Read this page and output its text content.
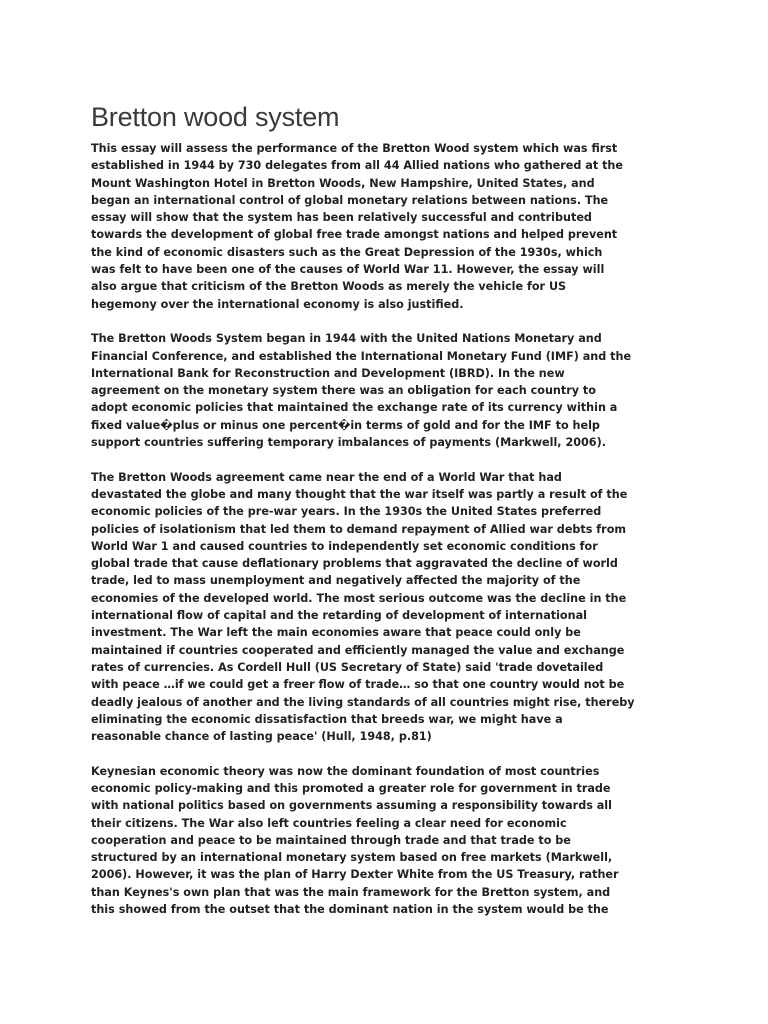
Bretton wood system

This essay will assess the performance of the Bretton Wood system which was first
established in 1944 by 730 delegates from all 44 Allied nations who gathered at the
Mount Washington Hotel in Bretton Woods, New Hampshire, United States, and
began an international control of global monetary relations between nations. The
essay will show that the system has been relatively successful and contributed
towards the development of global free trade amongst nations and helped prevent
the kind of economic disasters such as the Great Depression of the 1930s, which
was felt to have been one of the causes of World War 11. However, the essay will
also argue that criticism of the Bretton Woods as merely the vehicle for US
hegemony over the international economy is also justified.

The Bretton Woods System began in 1944 with the United Nations Monetary and
Financial Conference, and established the International Monetary Fund (IMF) and the
International Bank for Reconstruction and Development (IBRD). In the new
agreement on the monetary system there was an obligation for each country to
adopt economic policies that maintained the exchange rate of its currency within a
fixed value�plus or minus one percent�in terms of gold and for the IMF to help
support countries suffering temporary imbalances of payments (Markwell, 2006).

The Bretton Woods agreement came near the end of a World War that had
devastated the globe and many thought that the war itself was partly a result of the
economic policies of the pre-war years. In the 1930s the United States preferred
policies of isolationism that led them to demand repayment of Allied war debts from
World War 1 and caused countries to independently set economic conditions for
global trade that cause deflationary problems that aggravated the decline of world
trade, led to mass unemployment and negatively affected the majority of the
economies of the developed world. The most serious outcome was the decline in the
international flow of capital and the retarding of development of international
investment. The War left the main economies aware that peace could only be
maintained if countries cooperated and efficiently managed the value and exchange
rates of currencies. As Cordell Hull (US Secretary of State) said 'trade dovetailed
with peace …if we could get a freer flow of trade… so that one country would not be
deadly jealous of another and the living standards of all countries might rise, thereby
eliminating the economic dissatisfaction that breeds war, we might have a
reasonable chance of lasting peace' (Hull, 1948, p.81)

Keynesian economic theory was now the dominant foundation of most countries
economic policy-making and this promoted a greater role for government in trade
with national politics based on governments assuming a responsibility towards all
their citizens. The War also left countries feeling a clear need for economic
cooperation and peace to be maintained through trade and that trade to be
structured by an international monetary system based on free markets (Markwell,
2006). However, it was the plan of Harry Dexter White from the US Treasury, rather
than Keynes's own plan that was the main framework for the Bretton system, and
this showed from the outset that the dominant nation in the system would be the
